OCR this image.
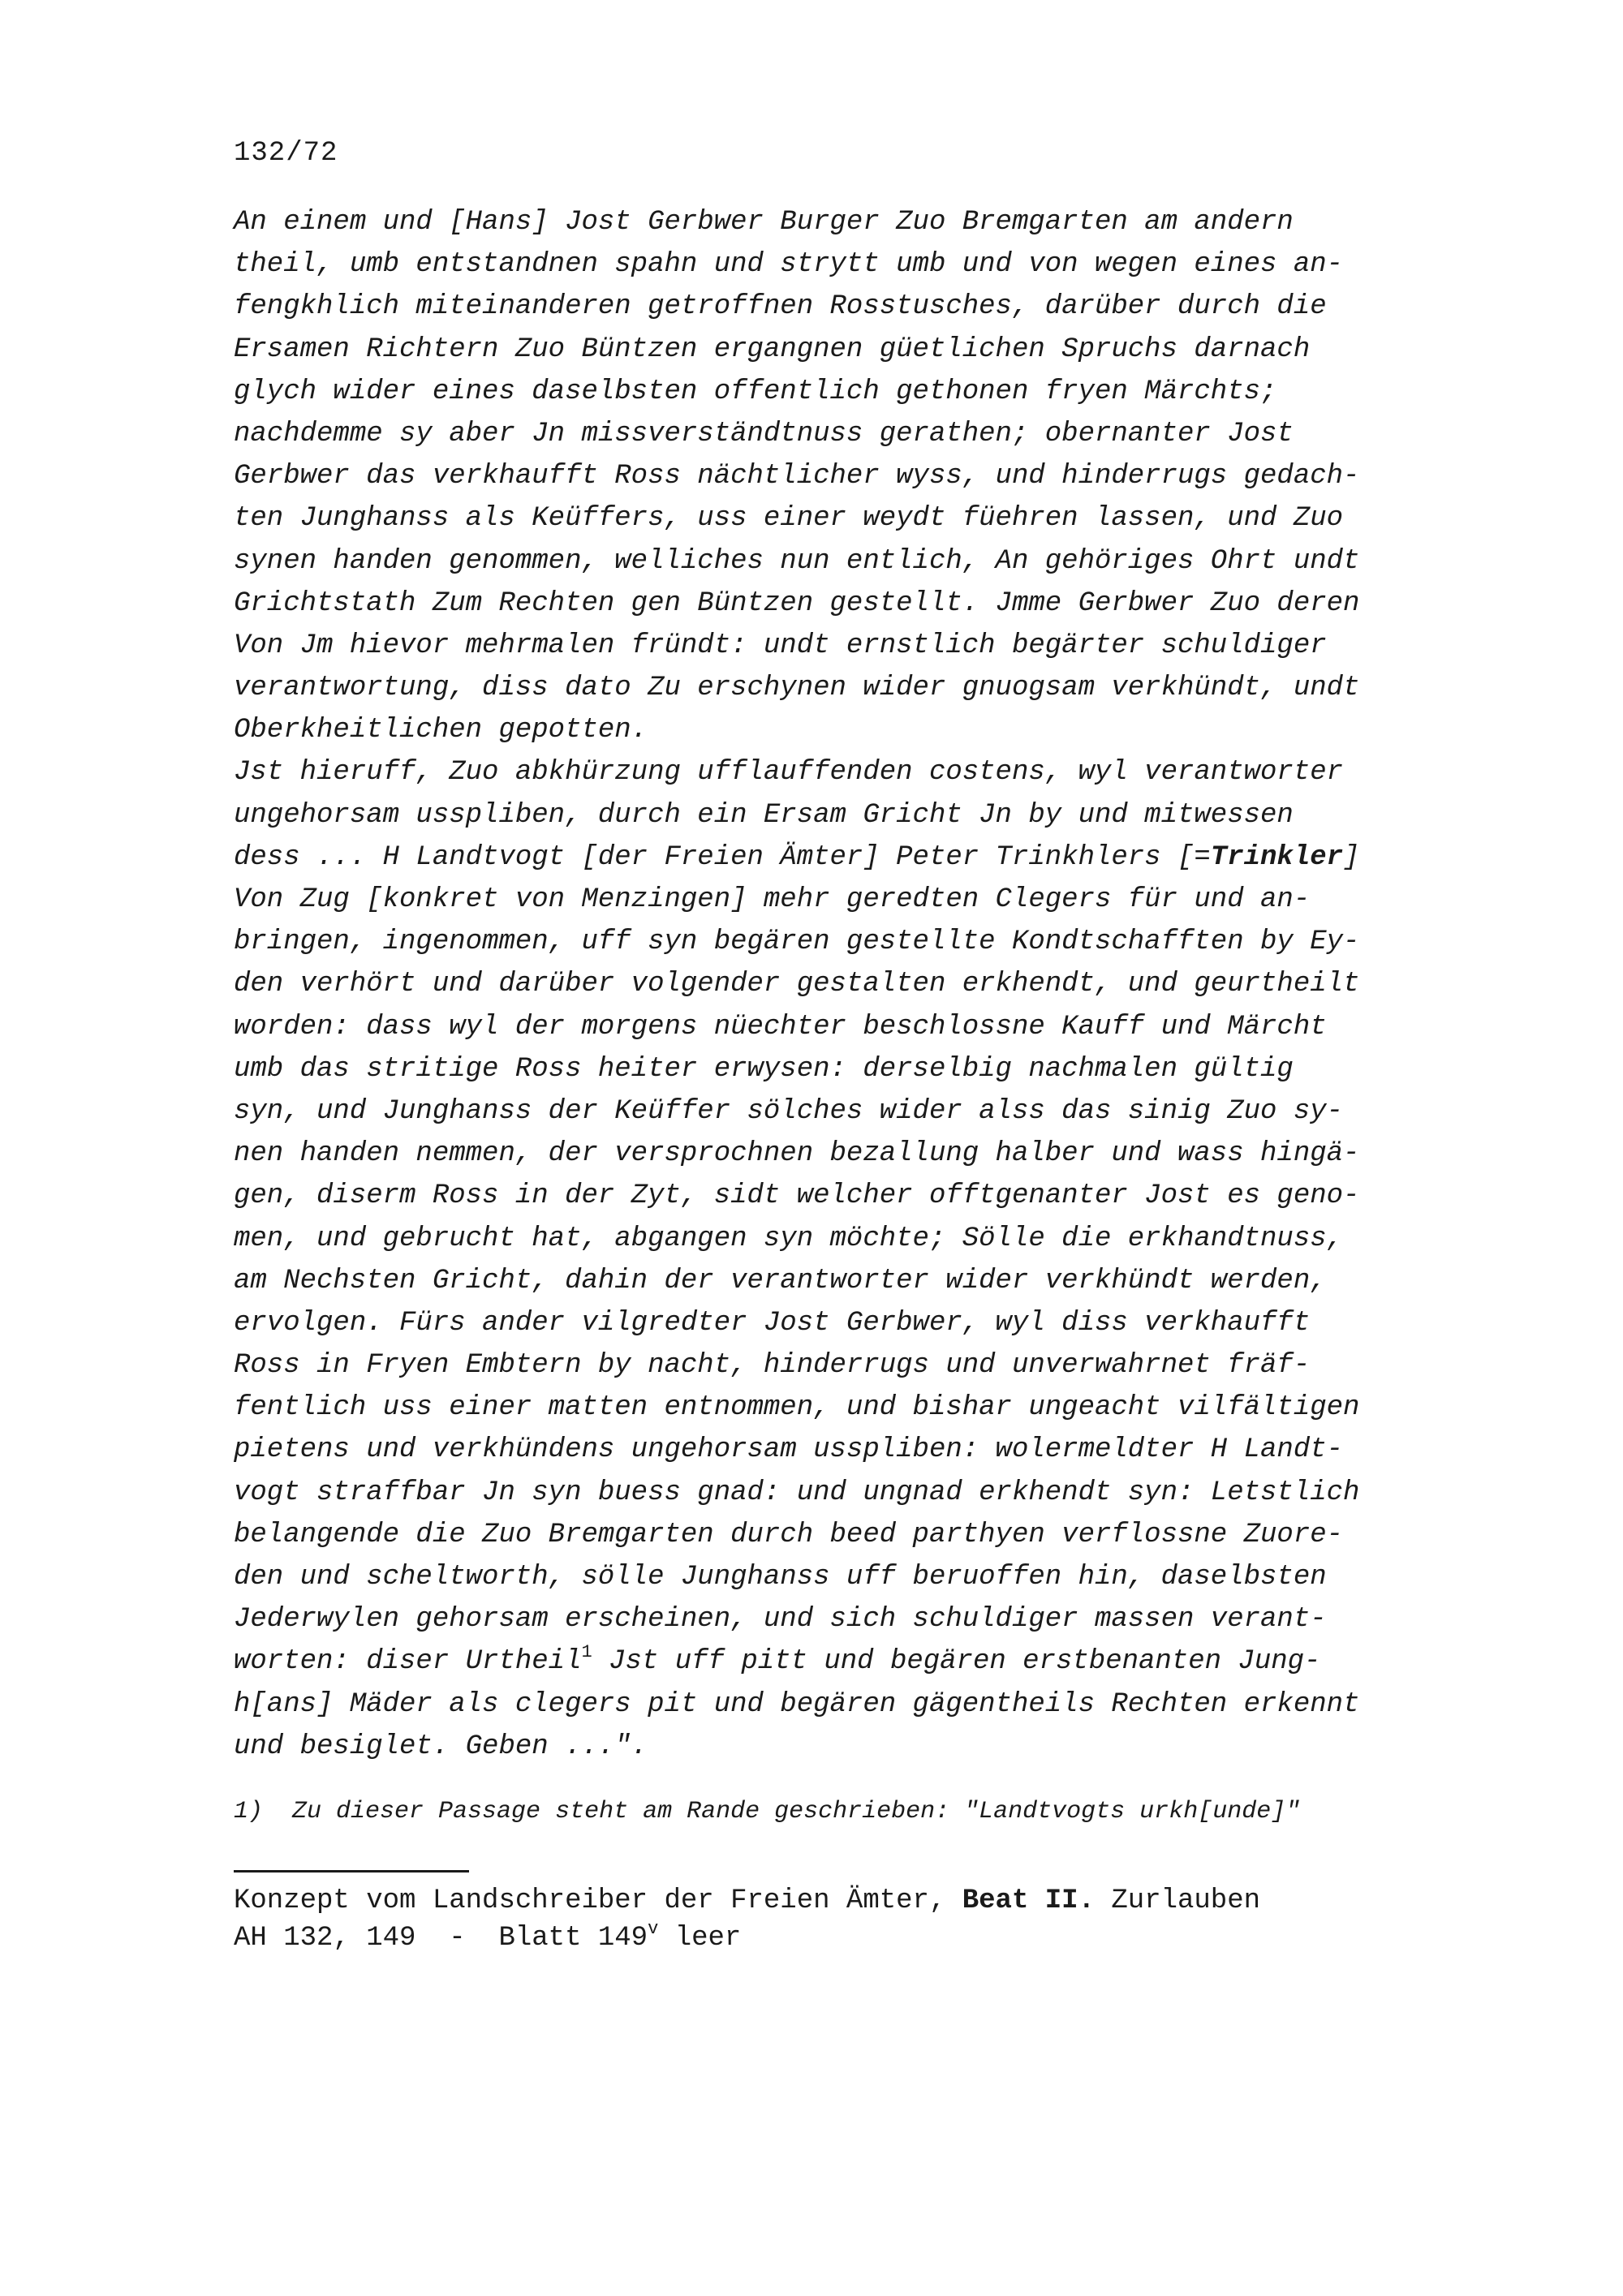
132/72
An einem und [Hans] Jost Gerbwer Burger Zuo Bremgarten am andern
theil, umb entstandnen spahn und strytt umb und von wegen eines an-
fengkhlich miteinanderen getroffnen Rosstusches, darüber durch die
Ersamen Richtern Zuo Büntzen ergangnen güetlichen Spruchs darnach
glych wider eines daselbsten offentlich gethonen fryen Märchts;
nachdemme sy aber Jn missverständtnuss gerathen; obernanter Jost
Gerbwer das verkhaufft Ross nächtlicher wyss, und hinderrugs gedach-
ten Junghanss als Keüffers, uss einer weydt füehren lassen, und Zuo
synen handen genommen, welliches nun entlich, An gehöriges Ohrt undt
Grichtstath Zum Rechten gen Büntzen gestellt. Jmme Gerbwer Zuo deren
Von Jm hievor mehrmalen fründt: undt ernstlich begärter schuldiger
verantwortung, diss dato Zu erschynen wider gnuogsam verkhündt, undt
Oberkheitlichen gepotten.
Jst hieruff, Zuo abkhürzung ufflauffenden costens, wyl verantworter
ungehorsam usspliben, durch ein Ersam Gricht Jn by und mitwessen
dess ... H Landtvogt [der Freien Ämter] Peter Trinkhlers [=Trinkler]
Von Zug [konkret von Menzingen] mehr geredten Clegers für und an-
bringen, ingenommen, uff syn begären gestellte Kondtschafften by Ey-
den verhört und darüber volgender gestalten erkhendt, und geurtheilt
worden: dass wyl der morgens nüechter beschlossne Kauff und Märcht
umb das stritige Ross heiter erwysen: derselbig nachmalen gültig
syn, und Junghanss der Keüffer sölches wider alss das sinig Zuo sy-
nen handen nemmen, der versprochnen bezallung halber und wass hingä-
gen, diserm Ross in der Zyt, sidt welcher offtgenanter Jost es geno-
men, und gebrucht hat, abgangen syn möchte; Sölle die erkhandtnuss,
am Nechsten Gricht, dahin der verantworter wider verkhündt werden,
ervolgen. Fürs ander vilgredter Jost Gerbwer, wyl diss verkhaufft
Ross in Fryen Embtern by nacht, hinderrugs und unverwahrnet fräf-
fentlich uss einer matten entnommen, und bishar ungeacht vilfältigen
pietens und verkhündens ungehorsam usspliben: wolermeldter H Landt-
vogt straffbar Jn syn buess gnad: und ungnad erkhendt syn: Letstlich
belangende die Zuo Bremgarten durch beed parthyen verflossne Zuore-
den und scheltworth, sölle Junghanss uff beruoffen hin, daselbsten
Jederwylen gehorsam erscheinen, und sich schuldiger massen verant-
worten: diser Urtheil$^1$ Jst uff pitt und begären erstbenanten Jung-
h[ans] Mäder als clegers pit und begären gägentheils Rechten erkennt
und besiglet. Geben ...".
1)  Zu dieser Passage steht am Rande geschrieben: "Landtvogts urkh[unde]"
Konzept vom Landschreiber der Freien Ämter, Beat II. Zurlauben
AH 132, 149  -  Blatt 149$^v$ leer
